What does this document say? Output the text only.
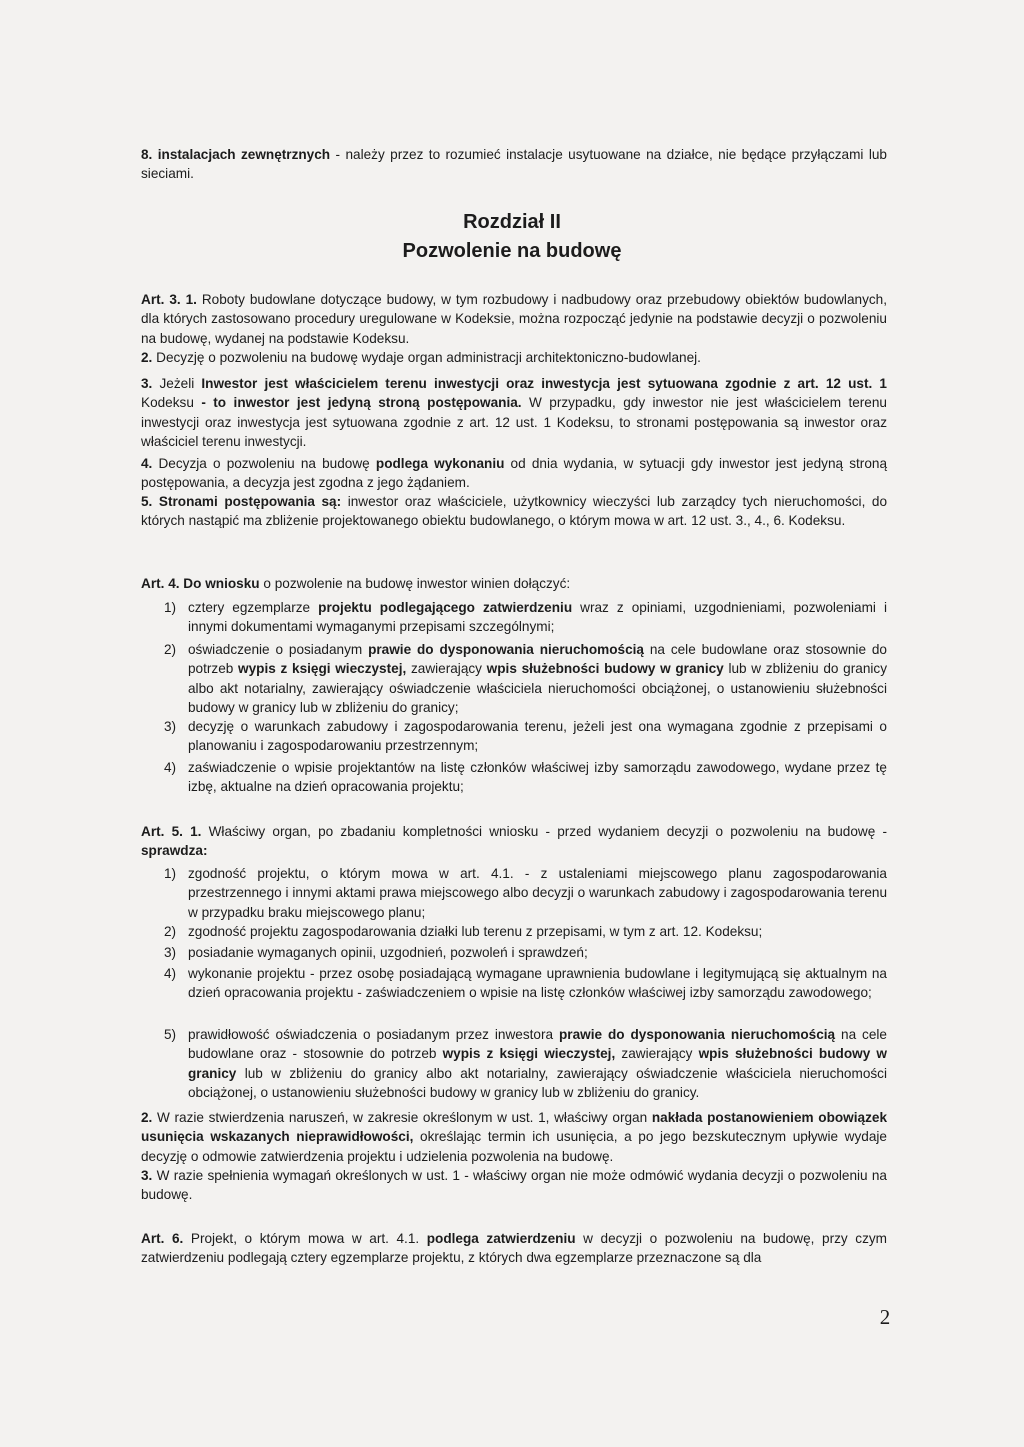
8. instalacjach zewnętrznych - należy przez to rozumieć instalacje usytuowane na działce, nie będące przyłączami lub sieciami.

Rozdział II

Pozwolenie na budowę

Art. 3. 1. Roboty budowlane dotyczące budowy, w tym rozbudowy i nadbudowy oraz przebudowy obiektów budowlanych, dla których zastosowano procedury uregulowane w Kodeksie, można rozpocząć jedynie na podstawie decyzji o pozwoleniu na budowę, wydanej na podstawie Kodeksu.

2. Decyzję o pozwoleniu na budowę wydaje organ administracji architektoniczno-budowlanej.

3. Jeżeli Inwestor jest właścicielem terenu inwestycji oraz inwestycja jest sytuowana zgodnie z art. 12 ust. 1 Kodeksu - to inwestor jest jedyną stroną postępowania. W przypadku, gdy inwestor nie jest właścicielem terenu inwestycji oraz inwestycja jest sytuowana zgodnie z art. 12 ust. 1 Kodeksu, to stronami postępowania są inwestor oraz właściciel terenu inwestycji.

4. Decyzja o pozwoleniu na budowę podlega wykonaniu od dnia wydania, w sytuacji gdy inwestor jest jedyną stroną postępowania, a decyzja jest zgodna z jego żądaniem.

5. Stronami postępowania są: inwestor oraz właściciele, użytkownicy wieczyści lub zarządcy tych nieruchomości, do których nastąpić ma zbliżenie projektowanego obiektu budowlanego, o którym mowa w art. 12 ust. 3., 4., 6. Kodeksu.

Art. 4. Do wniosku o pozwolenie na budowę inwestor winien dołączyć:

1) cztery egzemplarze projektu podlegającego zatwierdzeniu wraz z opiniami, uzgodnieniami, pozwoleniami i innymi dokumentami wymaganymi przepisami szczególnymi;
2) oświadczenie o posiadanym prawie do dysponowania nieruchomością na cele budowlane oraz stosownie do potrzeb wypis z księgi wieczystej, zawierający wpis służebności budowy w granicy lub w zbliżeniu do granicy albo akt notarialny, zawierający oświadczenie właściciela nieruchomości obciążonej, o ustanowieniu służebności budowy w granicy lub w zbliżeniu do granicy;
3) decyzję o warunkach zabudowy i zagospodarowania terenu, jeżeli jest ona wymagana zgodnie z przepisami o planowaniu i zagospodarowaniu przestrzennym;
4) zaświadczenie o wpisie projektantów na listę członków właściwej izby samorządu zawodowego, wydane przez tę izbę, aktualne na dzień opracowania projektu;

Art. 5. 1. Właściwy organ, po zbadaniu kompletności wniosku - przed wydaniem decyzji o pozwoleniu na budowę - sprawdza:

1) zgodność projektu, o którym mowa w art. 4.1. - z ustaleniami miejscowego planu zagospodarowania przestrzennego i innymi aktami prawa miejscowego albo decyzji o warunkach zabudowy i zagospodarowania terenu w przypadku braku miejscowego planu;
2) zgodność projektu zagospodarowania działki lub terenu z przepisami, w tym z art. 12. Kodeksu;
3) posiadanie wymaganych opinii, uzgodnień, pozwoleń i sprawdzeń;
4) wykonanie projektu - przez osobę posiadającą wymagane uprawnienia budowlane i legitymującą się aktualnym na dzień opracowania projektu - zaświadczeniem o wpisie na listę członków właściwej izby samorządu zawodowego;
5) prawidłowość oświadczenia o posiadanym przez inwestora prawie do dysponowania nieruchomością na cele budowlane oraz - stosownie do potrzeb wypis z księgi wieczystej, zawierający wpis służebności budowy w granicy lub w zbliżeniu do granicy albo akt notarialny, zawierający oświadczenie właściciela nieruchomości obciążonej, o ustanowieniu służebności budowy w granicy lub w zbliżeniu do granicy.

2. W razie stwierdzenia naruszeń, w zakresie określonym w ust. 1, właściwy organ nakłada postanowieniem obowiązek usunięcia wskazanych nieprawidłowości, określając termin ich usunięcia, a po jego bezskutecznym upływie wydaje decyzję o odmowie zatwierdzenia projektu i udzielenia pozwolenia na budowę.

3. W razie spełnienia wymagań określonych w ust. 1 - właściwy organ nie może odmówić wydania decyzji o pozwoleniu na budowę.

Art. 6. Projekt, o którym mowa w art. 4.1. podlega zatwierdzeniu w decyzji o pozwoleniu na budowę, przy czym zatwierdzeniu podlegają cztery egzemplarze projektu, z których dwa egzemplarze przeznaczone są dla

2
